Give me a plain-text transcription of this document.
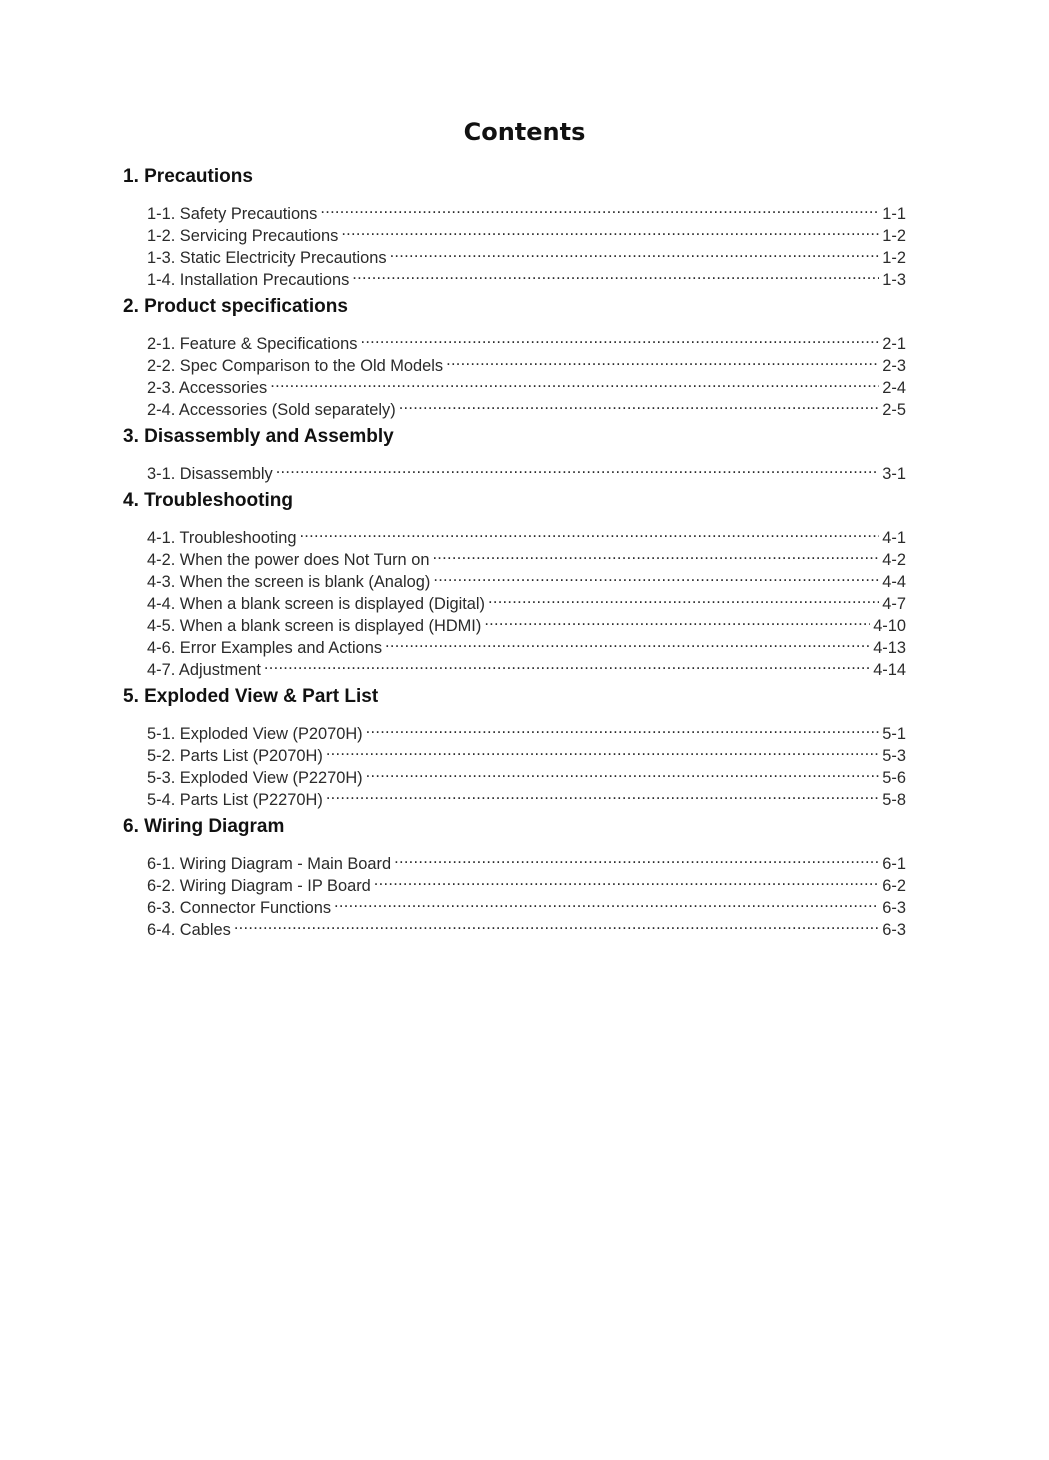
Contents
1. Precautions
1-1. Safety Precautions .....	1-1
1-2. Servicing Precautions .....	1-2
1-3. Static Electricity Precautions .....	1-2
1-4. Installation Precautions .....	1-3
2. Product specifications
2-1. Feature & Specifications .....	2-1
2-2. Spec Comparison to the Old Models .....	2-3
2-3. Accessories .....	2-4
2-4. Accessories (Sold separately) .....	2-5
3. Disassembly and Assembly
3-1. Disassembly .....	3-1
4. Troubleshooting
4-1. Troubleshooting .....	4-1
4-2. When the power does Not Turn on .....	4-2
4-3. When the screen is blank (Analog) .....	4-4
4-4. When a blank screen is displayed (Digital) .....	4-7
4-5. When a blank screen is displayed (HDMI) .....	4-10
4-6. Error Examples and Actions .....	4-13
4-7. Adjustment .....	4-14
5. Exploded View & Part List
5-1. Exploded View (P2070H) .....	5-1
5-2. Parts List (P2070H) .....	5-3
5-3. Exploded View (P2270H) .....	5-6
5-4. Parts List (P2270H) .....	5-8
6. Wiring Diagram
6-1. Wiring Diagram - Main Board .....	6-1
6-2. Wiring Diagram - IP Board .....	6-2
6-3. Connector Functions .....	6-3
6-4. Cables .....	6-3
